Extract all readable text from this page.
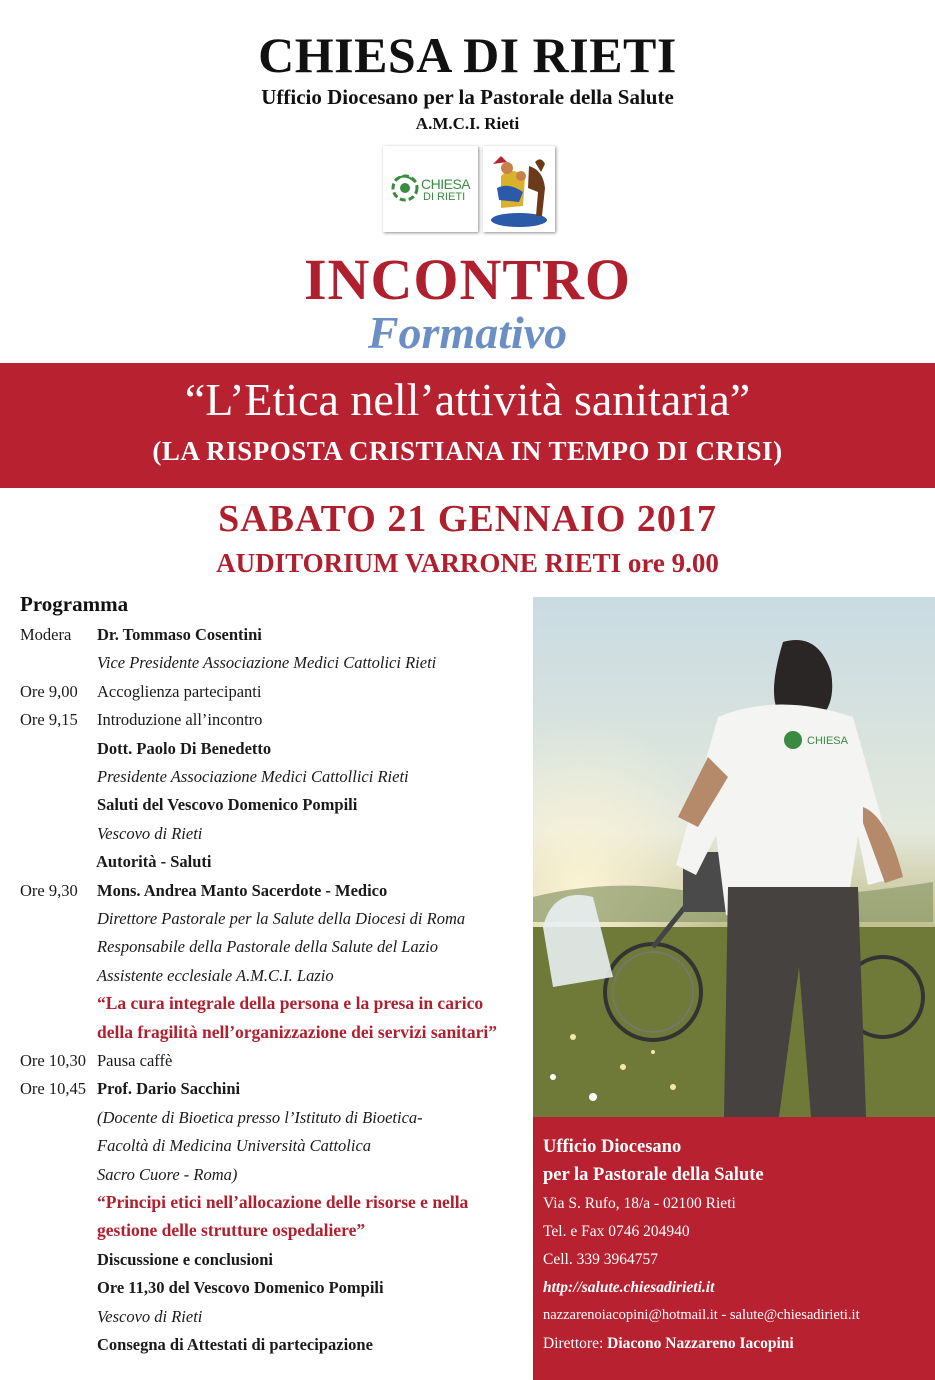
CHIESA DI RIETI
Ufficio Diocesano per la Pastorale della Salute
A.M.C.I. Rieti
CHIESA
DI RIETI
INCONTRO
Formativo
“L’Etica nell’attività sanitaria”
(LA RISPOSTA CRISTIANA IN TEMPO DI CRISI)
SABATO 21 GENNAIO 2017
AUDITORIUM VARRONE RIETI ore 9.00
Programma
Modera Dr. Tommaso Cosentini
Vice Presidente Associazione Medici Cattolici Rieti
Ore 9,00 Accoglienza partecipanti
Ore 9,15 Introduzione all’incontro
Dott. Paolo Di Benedetto
Presidente Associazione Medici Cattollici Rieti
Saluti del Vescovo Domenico Pompili
Vescovo di Rieti
Autorità - Saluti
Ore 9,30 Mons. Andrea Manto Sacerdote - Medico
Direttore Pastorale per la Salute della Diocesi di Roma
Responsabile della Pastorale della Salute del Lazio
Assistente ecclesiale A.M.C.I. Lazio
“La cura integrale della persona e la presa in carico
della fragilità nell’organizzazione dei servizi sanitari”
Ore 10,30 Pausa caffè
Ore 10,45 Prof. Dario Sacchini
(Docente di Bioetica presso l’Istituto di Bioetica-
Facoltà di Medicina Università Cattolica
Sacro Cuore - Roma)
“Principi etici nell’allocazione delle risorse e nella
gestione delle strutture ospedaliere”
Discussione e conclusioni
Ore 11,30 del Vescovo Domenico Pompili
Vescovo di Rieti
Consegna di Attestati di partecipazione
CHIESA
Ufficio Diocesano
per la Pastorale della Salute
Via S. Rufo, 18/a - 02100 Rieti
Tel. e Fax 0746 204940
Cell. 339 3964757
http://salute.chiesadirieti.it
nazzarenoiacopini@hotmail.it - salute@chiesadirieti.it
Direttore: Diacono Nazzareno Iacopini
